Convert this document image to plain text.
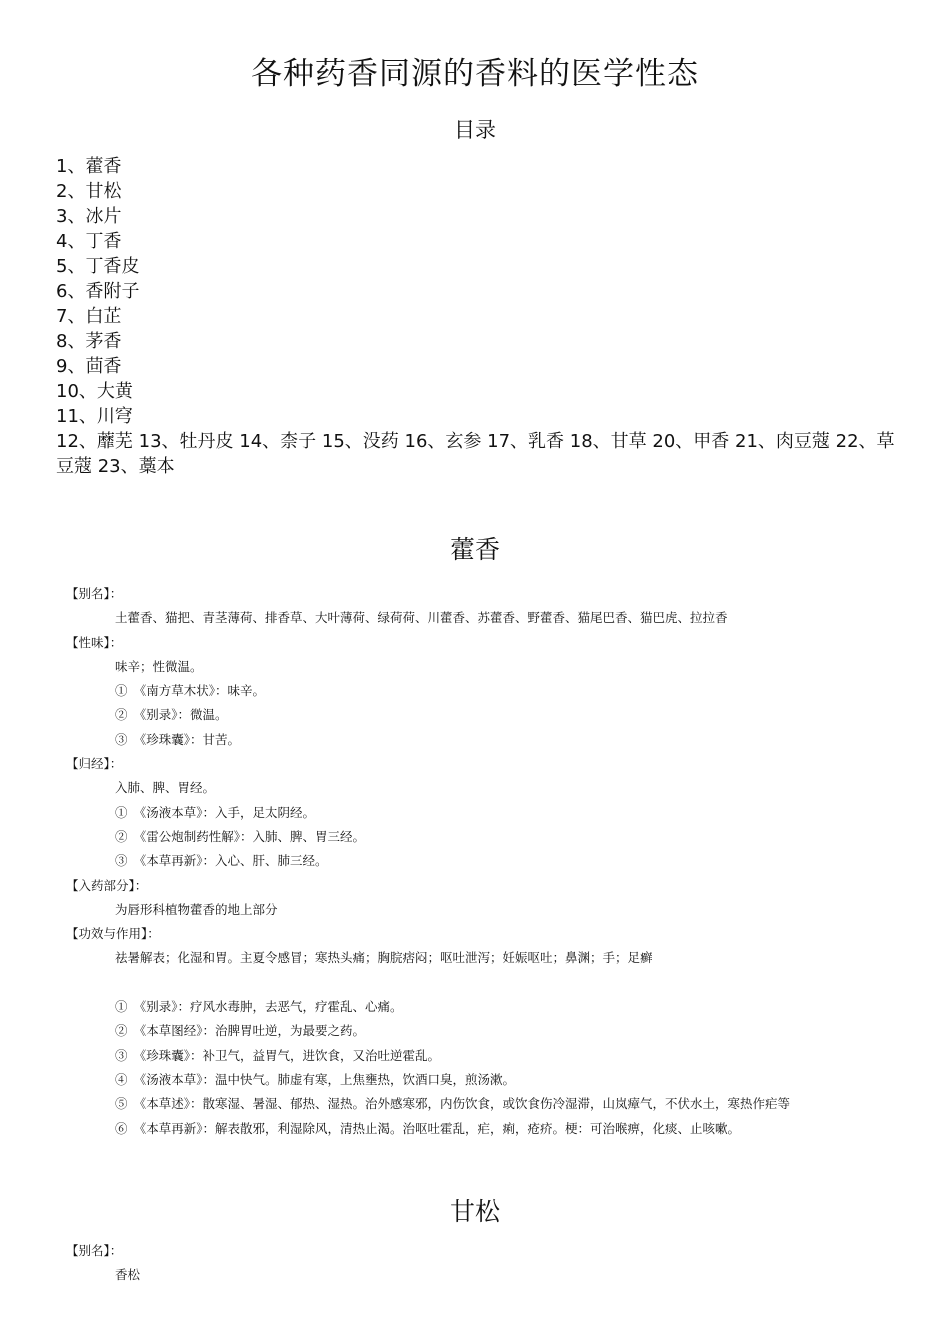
各种药香同源的香料的医学性态
目录
1、藿香
2、甘松
3、冰片
4、丁香
5、丁香皮
6、香附子
7、白芷
8、茅香
9、茴香
10、大黄
11、川穹
12、蘼芜 13、牡丹皮 14、柰子 15、没药 16、玄参 17、乳香 18、甘草 20、甲香 21、肉豆蔻 22、草豆蔻 23、藁本
藿香
【别名】：
土藿香、猫把、青茎薄荷、排香草、大叶薄荷、绿荷荷、川藿香、苏藿香、野藿香、猫尾巴香、猫巴虎、拉拉香
【性味】：
味辛；性微温。
①　《南方草木状》：味辛。
②　《别录》：微温。
③　《珍珠囊》：甘苦。
【归经】：
入肺、脾、胃经。
①　《汤液本草》：入手，足太阴经。
②　《雷公炮制药性解》：入肺、脾、胃三经。
③　《本草再新》：入心、肝、肺三经。
【入药部分】：
为唇形科植物藿香的地上部分
【功效与作用】：
祛暑解表；化湿和胃。主夏令感冒；寒热头痛；胸脘痞闷；呕吐泄泻；妊娠呕吐；鼻渊；手；足癣
①　《别录》：疗风水毒肿，去恶气，疗霍乱、心痛。
②　《本草图经》：治脾胃吐逆，为最要之药。
③　《珍珠囊》：补卫气，益胃气，进饮食，又治吐逆霍乱。
④　《汤液本草》：温中快气。肺虚有寒，上焦壅热，饮酒口臭，煎汤漱。
⑤　《本草述》：散寒湿、暑湿、郁热、湿热。治外感寒邪，内伤饮食，或饮食伤冷湿滞，山岚瘴气，不伏水土，寒热作疟等
⑥　《本草再新》：解表散邪，利湿除风，清热止渴。治呕吐霍乱，疟，痢，疮疥。梗：可治喉痹，化痰、止咳嗽。
甘松
【别名】：
香松
